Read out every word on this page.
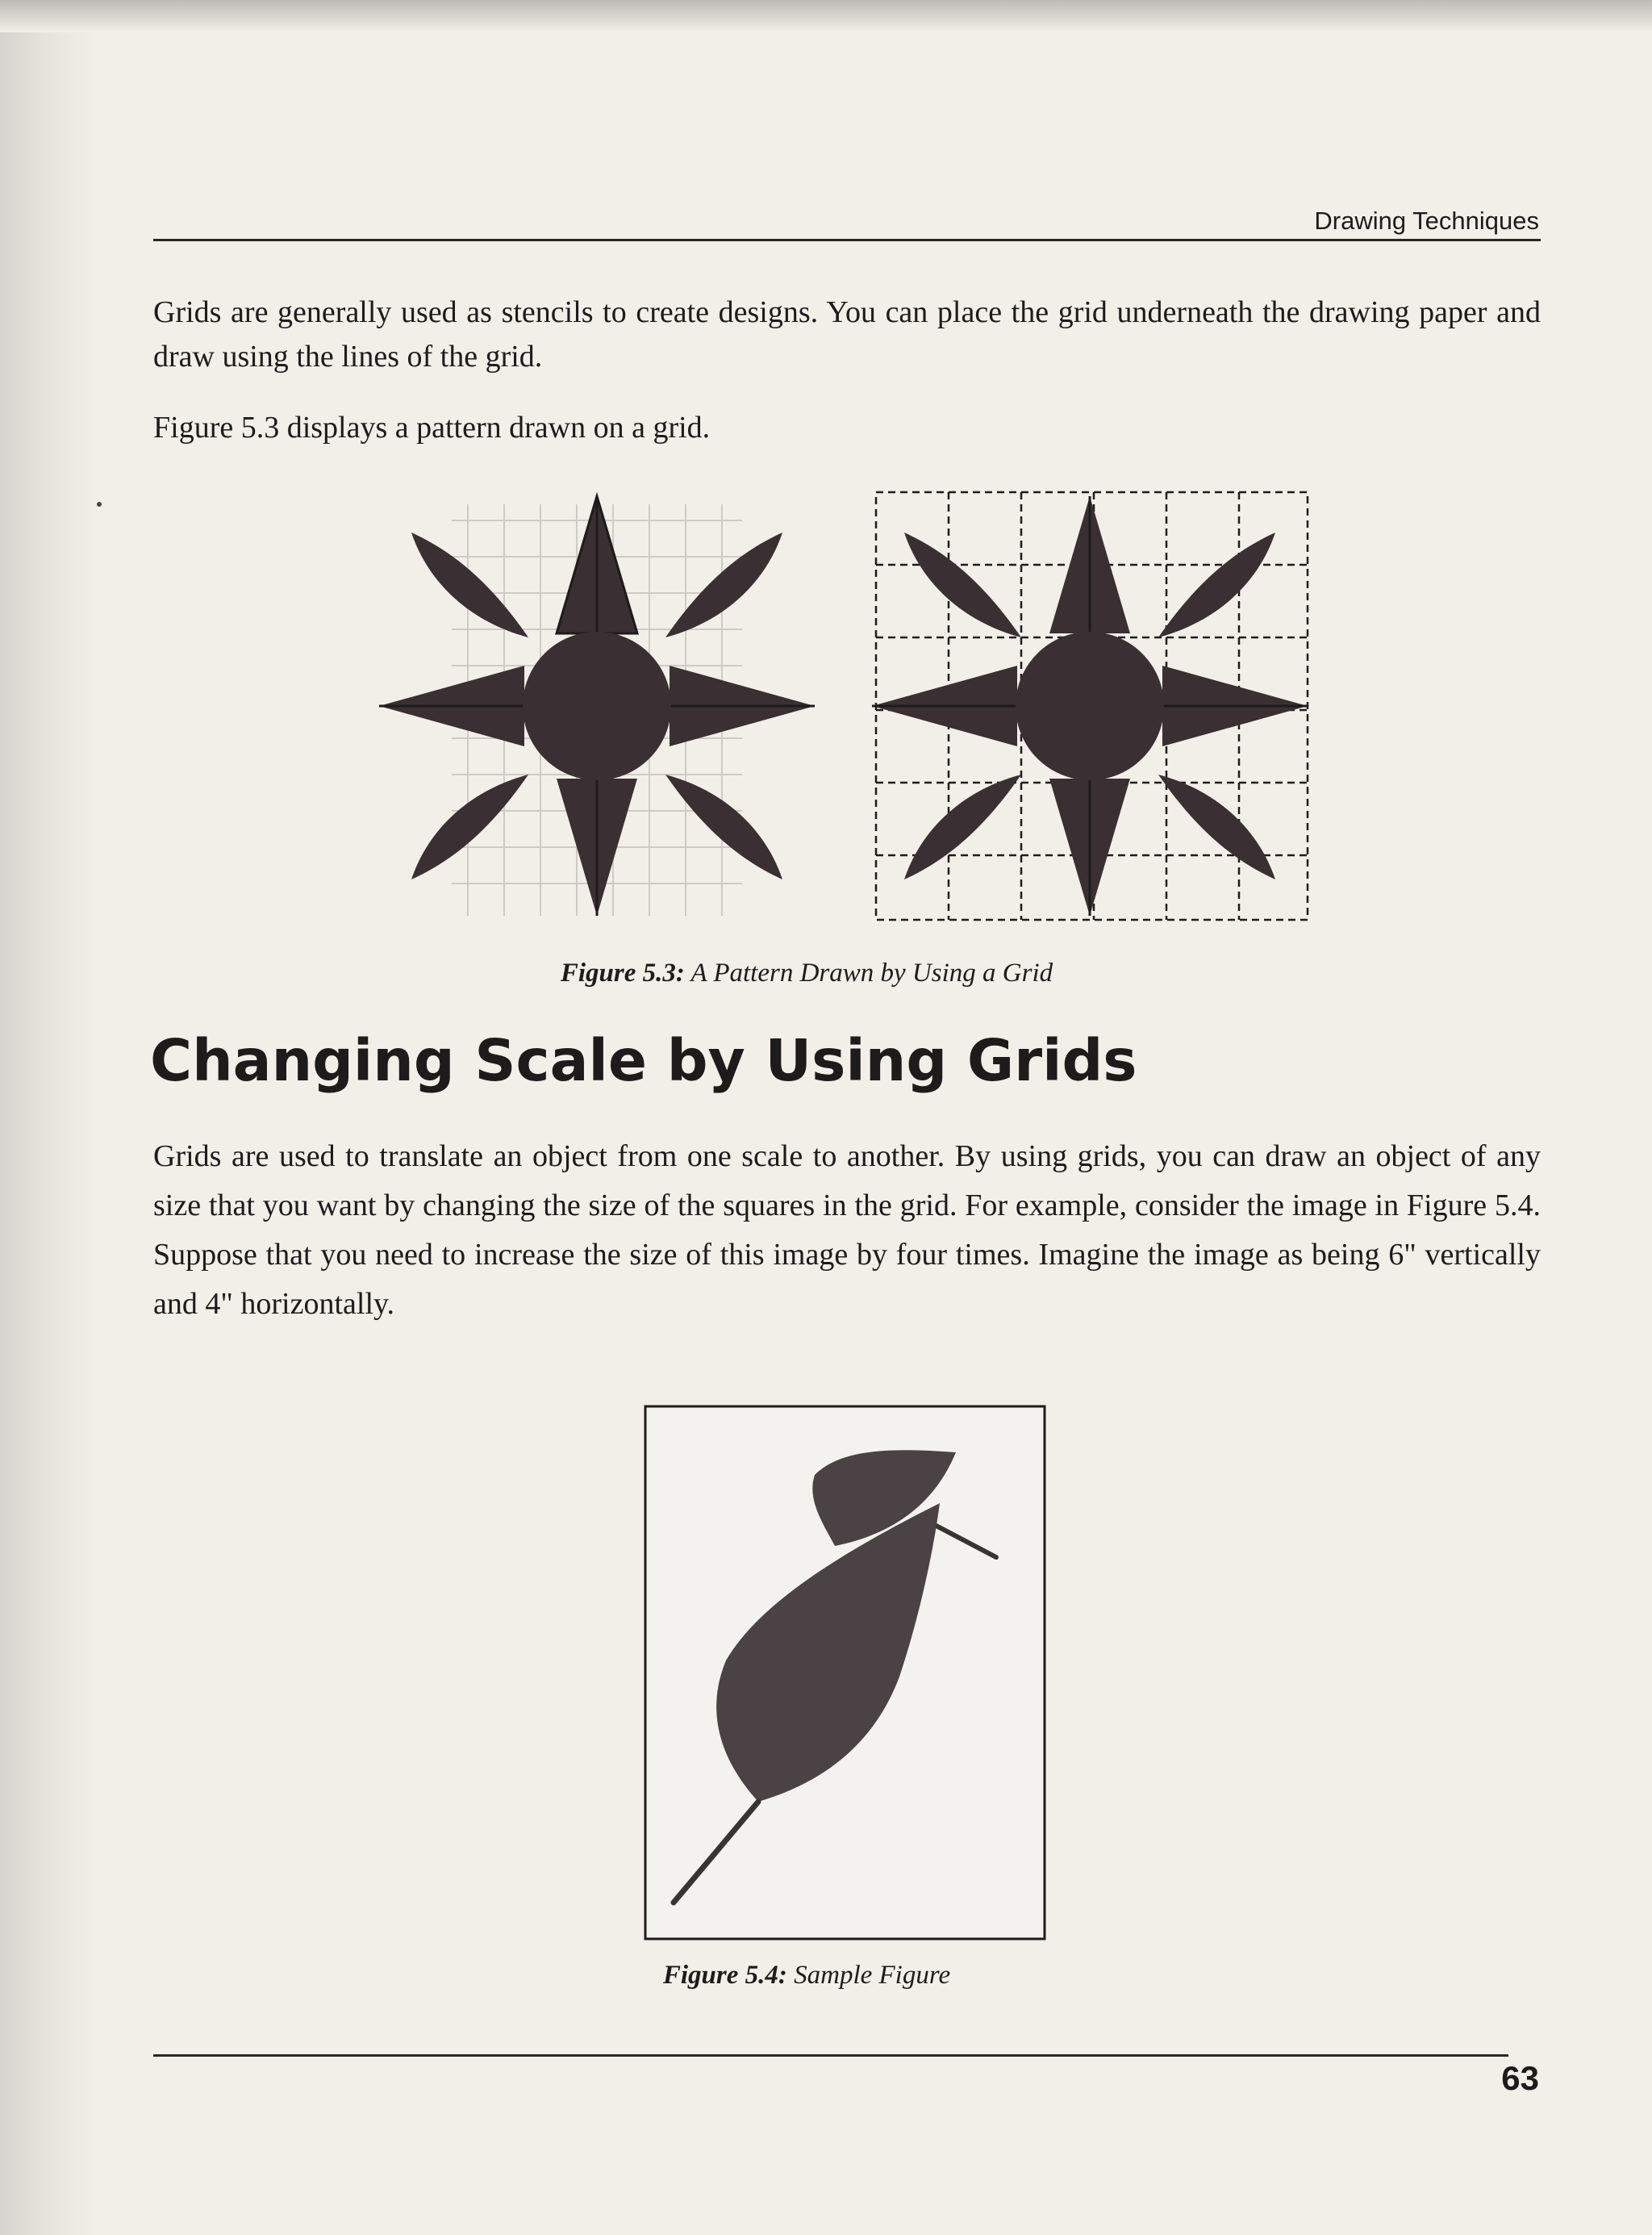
Drawing Techniques

Grids are generally used as stencils to create designs. You can place the grid underneath the drawing paper and draw using the lines of the grid.

Figure 5.3 displays a pattern drawn on a grid.

Figure 5.3: A Pattern Drawn by Using a Grid
Changing Scale by Using Grids

Grids are used to translate an object from one scale to another. By using grids, you can draw an object of any size that you want by changing the size of the squares in the grid. For example, consider the image in Figure 5.4. Suppose that you need to increase the size of this image by four times. Imagine the image as being 6" vertically and 4" horizontally.

Figure 5.4: Sample Figure
63
